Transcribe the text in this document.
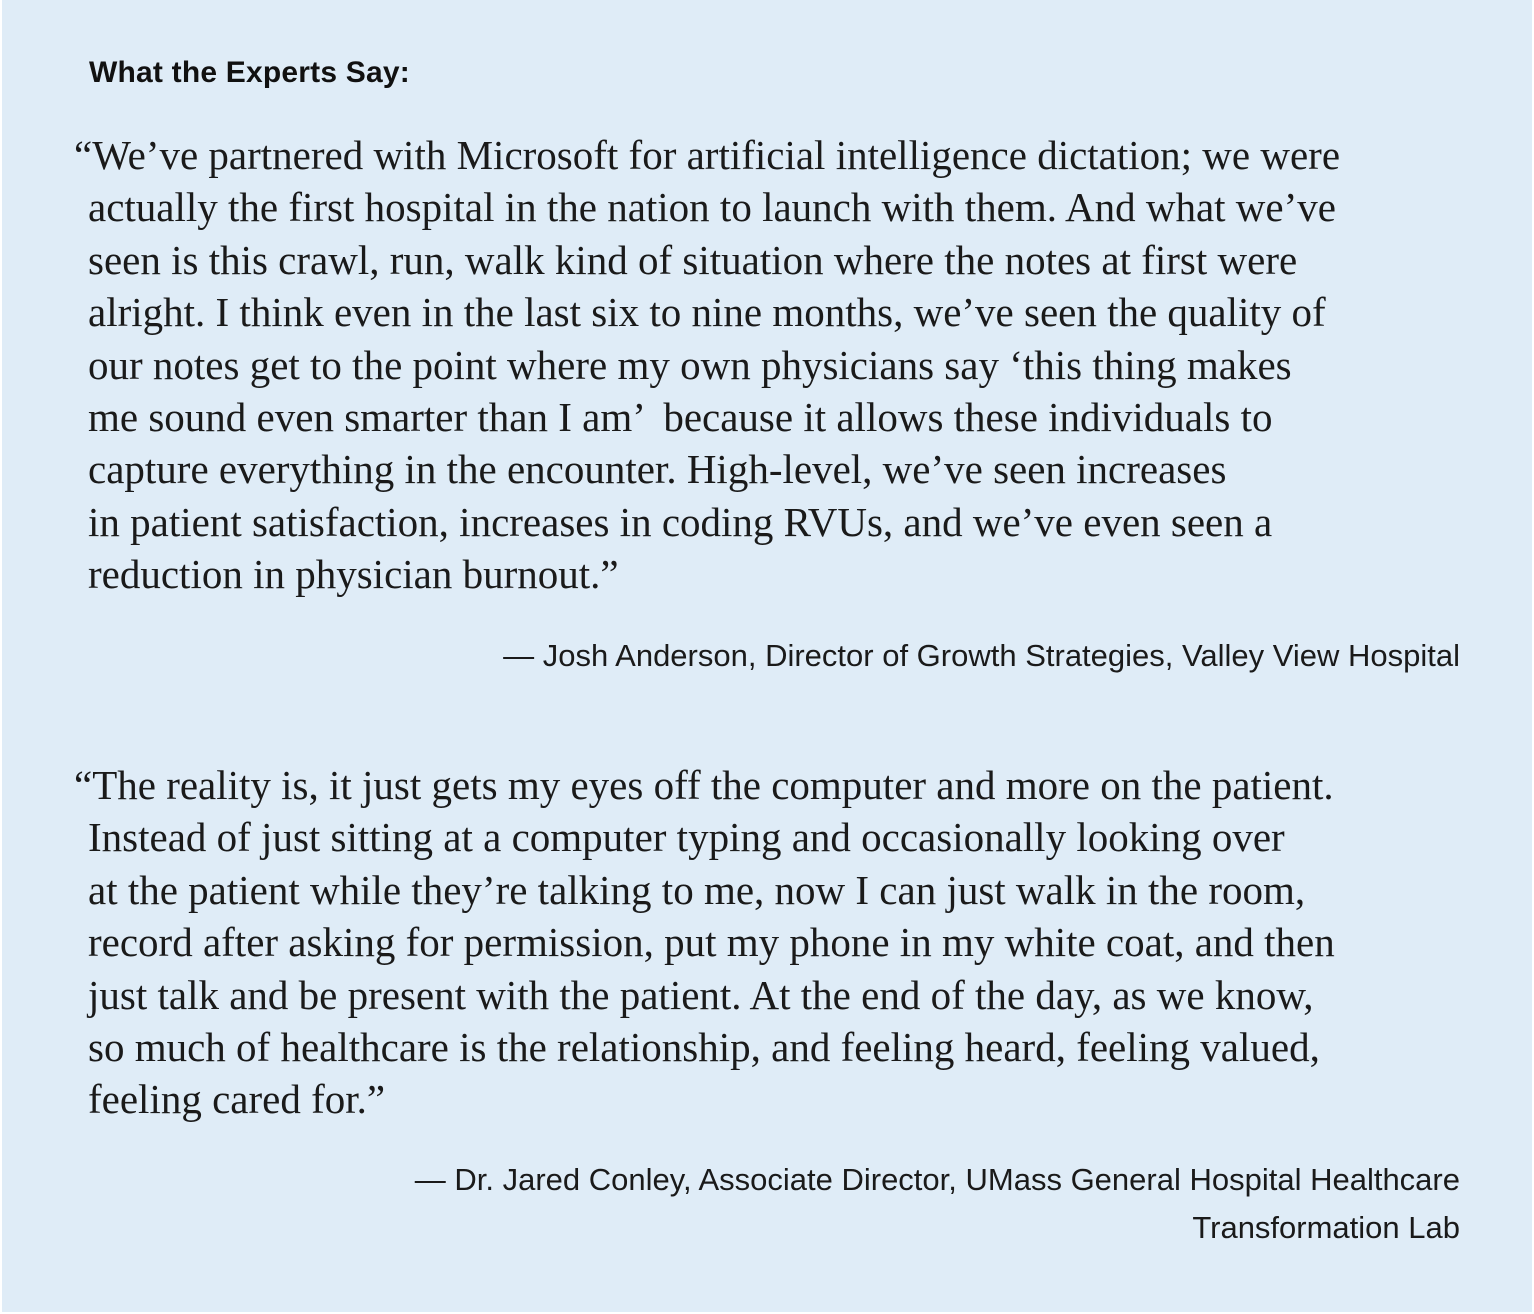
What the Experts Say:
“We’ve partnered with Microsoft for artificial intelligence dictation; we were
actually the first hospital in the nation to launch with them. And what we’ve
seen is this crawl, run, walk kind of situation where the notes at first were
alright. I think even in the last six to nine months, we’ve seen the quality of
our notes get to the point where my own physicians say ‘this thing makes
me sound even smarter than I am’  because it allows these individuals to
capture everything in the encounter. High-level, we’ve seen increases
in patient satisfaction, increases in coding RVUs, and we’ve even seen a
reduction in physician burnout.”

— Josh Anderson, Director of Growth Strategies, Valley View Hospital

“The reality is, it just gets my eyes off the computer and more on the patient.
Instead of just sitting at a computer typing and occasionally looking over
at the patient while they’re talking to me, now I can just walk in the room,
record after asking for permission, put my phone in my white coat, and then
just talk and be present with the patient. At the end of the day, as we know,
so much of healthcare is the relationship, and feeling heard, feeling valued,
feeling cared for.”

— Dr. Jared Conley, Associate Director, UMass General Hospital Healthcare
Transformation Lab
